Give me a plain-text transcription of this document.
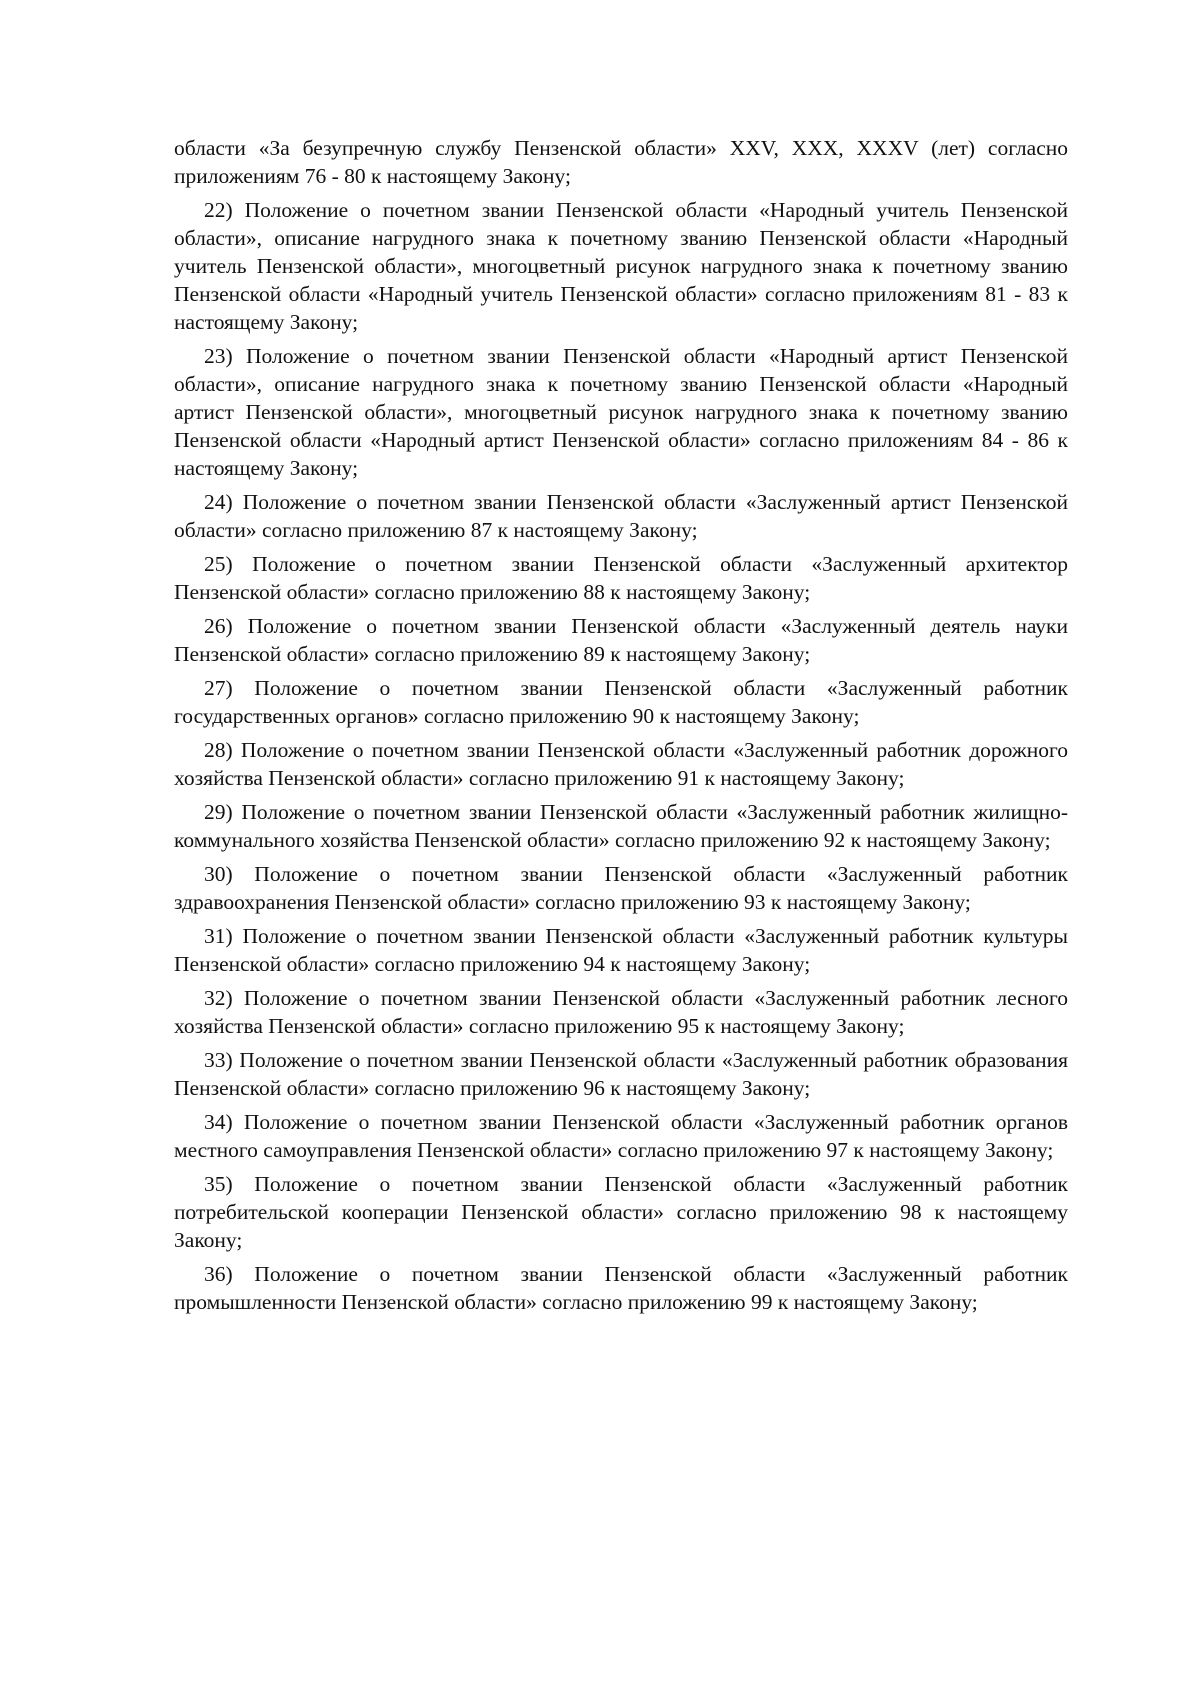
области «За безупречную службу Пензенской области» XXV, XXX, XXXV (лет) согласно приложениям 76 - 80 к настоящему Закону;

22) Положение о почетном звании Пензенской области «Народный учитель Пензенской области», описание нагрудного знака к почетному званию Пензенской области «Народный учитель Пензенской области», многоцветный рисунок нагрудного знака к почетному званию Пензенской области «Народный учитель Пензенской области» согласно приложениям 81 - 83 к настоящему Закону;

23) Положение о почетном звании Пензенской области «Народный артист Пензенской области», описание нагрудного знака к почетному званию Пензенской области «Народный артист Пензенской области», многоцветный рисунок нагрудного знака к почетному званию Пензенской области «Народный артист Пензенской области» согласно приложениям 84 - 86 к настоящему Закону;

24) Положение о почетном звании Пензенской области «Заслуженный артист Пензенской области» согласно приложению 87 к настоящему Закону;

25) Положение о почетном звании Пензенской области «Заслуженный архитектор Пензенской области» согласно приложению 88 к настоящему Закону;

26) Положение о почетном звании Пензенской области «Заслуженный деятель науки Пензенской области» согласно приложению 89 к настоящему Закону;

27) Положение о почетном звании Пензенской области «Заслуженный работник государственных органов» согласно приложению 90 к настоящему Закону;

28) Положение о почетном звании Пензенской области «Заслуженный работник дорожного хозяйства Пензенской области» согласно приложению 91 к настоящему Закону;

29) Положение о почетном звании Пензенской области «Заслуженный работник жилищно-коммунального хозяйства Пензенской области» согласно приложению 92 к настоящему Закону;

30) Положение о почетном звании Пензенской области «Заслуженный работник здравоохранения Пензенской области» согласно приложению 93 к настоящему Закону;

31) Положение о почетном звании Пензенской области «Заслуженный работник культуры Пензенской области» согласно приложению 94 к настоящему Закону;

32) Положение о почетном звании Пензенской области «Заслуженный работник лесного хозяйства Пензенской области» согласно приложению 95 к настоящему Закону;

33) Положение о почетном звании Пензенской области «Заслуженный работник образования Пензенской области» согласно приложению 96 к настоящему Закону;

34) Положение о почетном звании Пензенской области «Заслуженный работник органов местного самоуправления Пензенской области» согласно приложению 97 к настоящему Закону;

35) Положение о почетном звании Пензенской области «Заслуженный работник потребительской кооперации Пензенской области» согласно приложению 98 к настоящему Закону;

36) Положение о почетном звании Пензенской области «Заслуженный работник промышленности Пензенской области» согласно приложению 99 к настоящему Закону;
